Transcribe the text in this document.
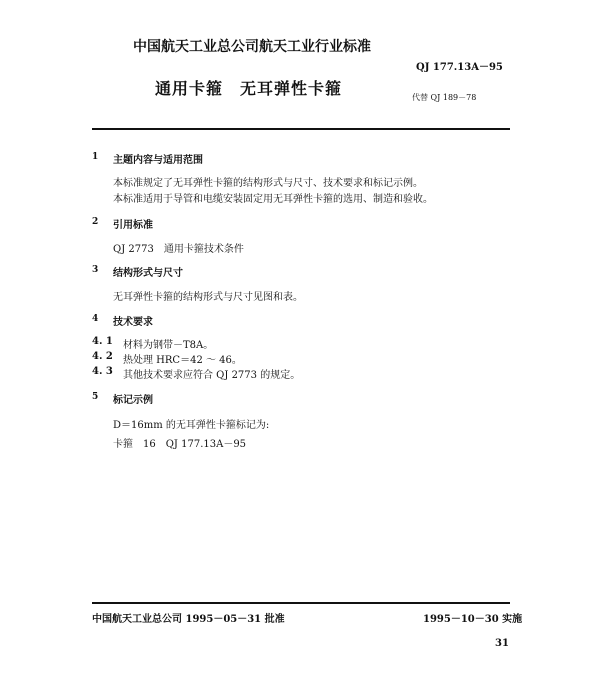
中国航天工业总公司航天工业行业标准
QJ 177.13A－95
通用卡箍　无耳弹性卡箍	代替 QJ 189－78
1 主题内容与适用范围
本标准规定了无耳弹性卡箍的结构形式与尺寸、技术要求和标记示例。
本标准适用于导管和电缆安装固定用无耳弹性卡箍的选用、制造和验收。
2 引用标准
QJ 2773　通用卡箍技术条件
3 结构形式与尺寸
无耳弹性卡箍的结构形式与尺寸见图和表。
4 技术要求
4. 1 材料为钢带－T8A。
4. 2 热处理 HRC＝42 ～ 46。
4. 3 其他技术要求应符合 QJ 2773 的规定。
5 标记示例
D＝16mm 的无耳弹性卡箍标记为:
卡箍　16　QJ 177.13A－95
中国航天工业总公司 1995－05－31 批准	1995－10－30 实施
31
